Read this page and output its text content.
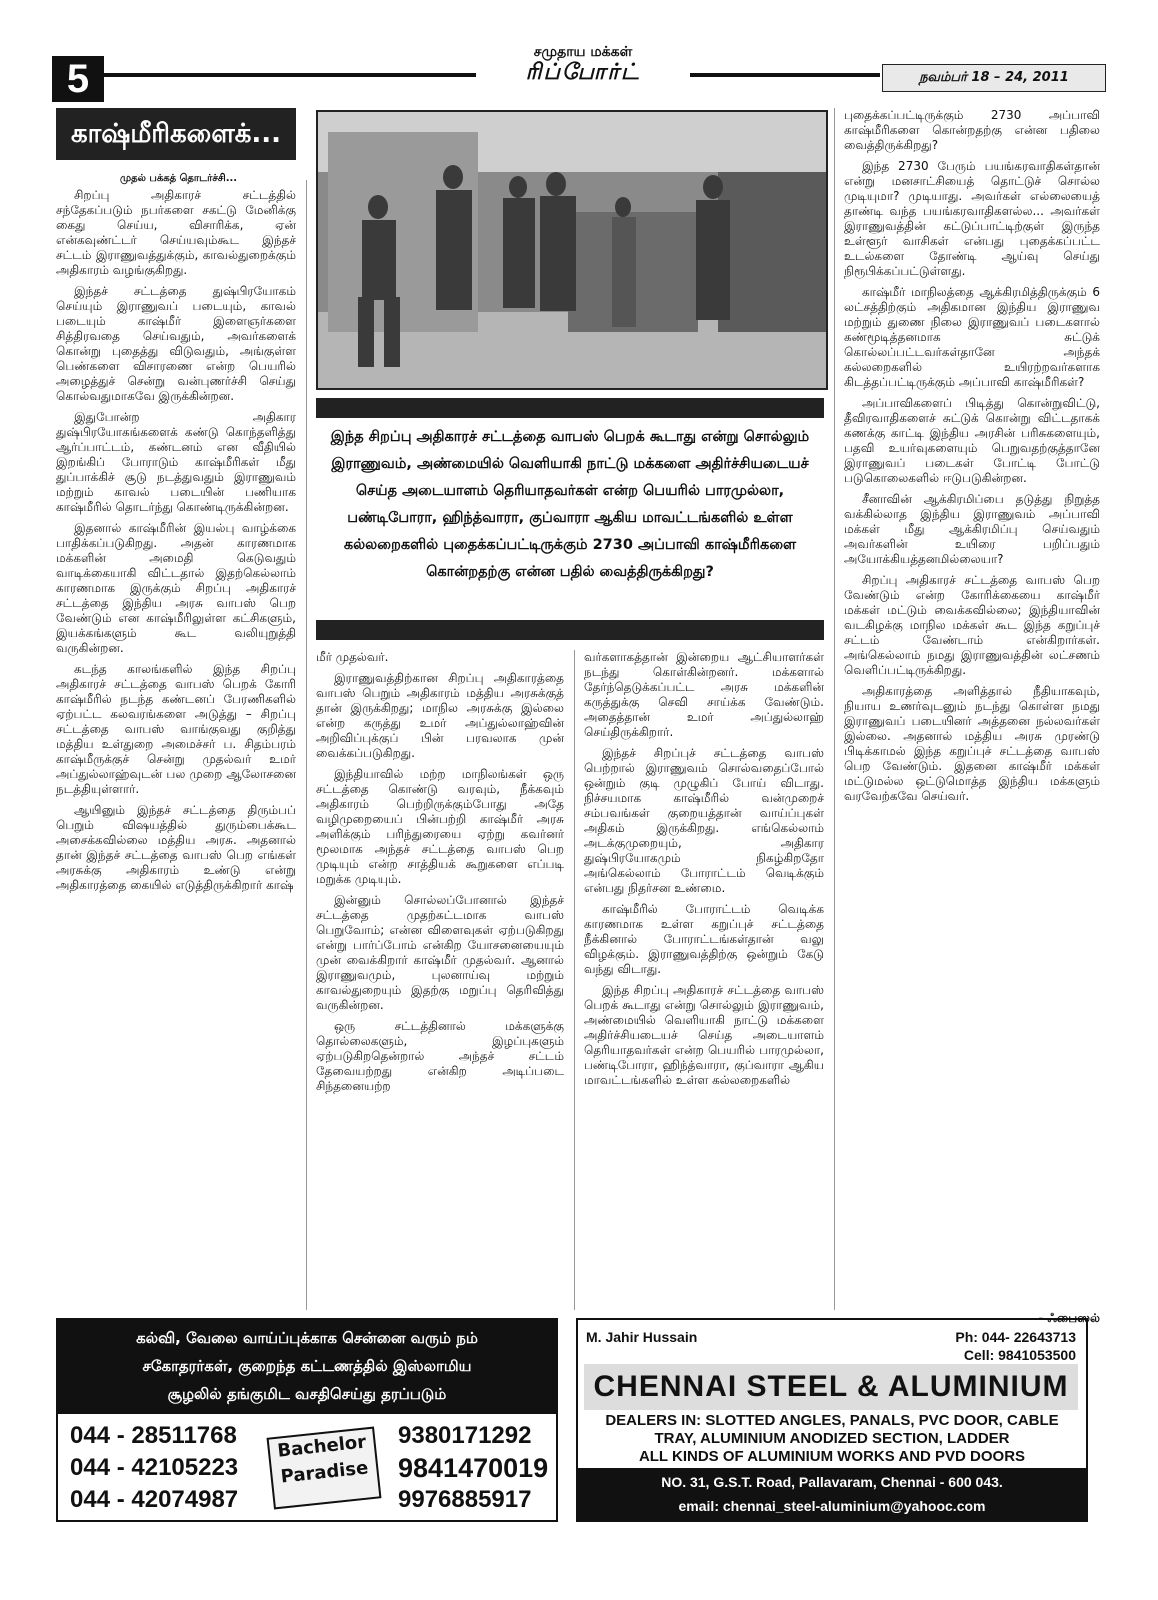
5
சமுதாய மக்கள்
ரிப்போர்ட்	நவம்பர் 18 – 24, 2011
காஷ்மீரிகளைக்...
முதல் பக்கத் தொடர்ச்சி...

சிறப்பு அதிகாரச் சட்டத்தில் சந்தேகப்படும் நபர்களை சகட்டு மேனிக்கு கைது செய்ய, விசாரிக்க, ஏன் என்கவுண்ட்டர் செய்யவும்கூட இந்தச் சட்டம் இராணுவத்துக்கும், காவல்துறைக்கும் அதிகாரம் வழங்குகிறது.

இந்தச் சட்டத்தை துஷ்பிரயோகம் செய்யும் இராணுவப் படையும், காவல் படையும் காஷ்மீர் இளைஞர்களை சித்திரவதை செய்வதும், அவர்களைக் கொன்று புதைத்து விடுவதும், அங்குள்ள பெண்களை விசாரணை என்ற பெயரில் அழைத்துச் சென்று வன்புணர்ச்சி செய்து கொல்வதுமாகவே இருக்கின்றன.

இதுபோன்ற அதிகார துஷ்பிரயோகங்களைக் கண்டு கொந்தளித்து ஆர்ப்பாட்டம், கண்டனம் என வீதியில் இறங்கிப் போராடும் காஷ்மீரிகள் மீது துப்பாக்கிச் சூடு நடத்துவதும் இராணுவம் மற்றும் காவல் படையின் பணியாக காஷ்மீரில் தொடர்ந்து கொண்டிருக்கின்றன.

இதனால் காஷ்மீரின் இயல்பு வாழ்க்கை பாதிக்கப்படுகிறது. அதன் காரணமாக மக்களின் அமைதி கெடுவதும் வாடிக்கையாகி விட்டதால் இதற்கெல்லாம் காரணமாக இருக்கும் சிறப்பு அதிகாரச் சட்டத்தை இந்திய அரசு வாபஸ் பெற வேண்டும் என காஷ்மீரிலுள்ள கட்சிகளும், இயக்கங்களும் கூட வலியுறுத்தி வருகின்றன.

கடந்த காலங்களில் இந்த சிறப்பு அதிகாரச் சட்டத்தை வாபஸ் பெறக் கோரி காஷ்மீரில் நடந்த கண்டனப் பேரணிகளில் ஏற்பட்ட கலவரங்களை அடுத்து – சிறப்பு சட்டத்தை வாபஸ் வாங்குவது குறித்து மத்திய உள்துறை அமைச்சர் ப. சிதம்பரம் காஷ்மீருக்குச் சென்று முதல்வர் உமர் அப்துல்லாஹ்வுடன் பல முறை ஆலோசனை நடத்தியுள்ளார்.

ஆயினும் இந்தச் சட்டத்தை திரும்பப் பெறும் விஷயத்தில் துரும்பைக்கூட அசைக்கவில்லை மத்திய அரசு. அதனால் தான் இந்தச் சட்டத்தை வாபஸ் பெற எங்கள் அரசுக்கு அதிகாரம் உண்டு என்று அதிகாரத்தை கையில் எடுத்திருக்கிறார் காஷ்

இந்த சிறப்பு அதிகாரச் சட்டத்தை வாபஸ் பெறக் கூடாது என்று சொல்லும் இராணுவம், அண்மையில் வெளியாகி நாட்டு மக்களை அதிர்ச்சியடையச் செய்த அடையாளம் தெரியாதவர்கள் என்ற பெயரில் பாரமுல்லா, பண்டிபோரா, ஹிந்த்வாரா, குப்வாரா ஆகிய மாவட்டங்களில் உள்ள கல்லறைகளில் புதைக்கப்பட்டிருக்கும் 2730 அப்பாவி காஷ்மீரிகளை கொன்றதற்கு என்ன பதில் வைத்திருக்கிறது?

மீர் முதல்வர்.

இராணுவத்திற்கான சிறப்பு அதிகாரத்தை வாபஸ் பெறும் அதிகாரம் மத்திய அரசுக்குத் தான் இருக்கிறது; மாநில அரசுக்கு இல்லை என்ற கருத்து உமர் அப்துல்லாஹ்வின் அறிவிப்புக்குப் பின் பரவலாக முன் வைக்கப்படுகிறது.

இந்தியாவில் மற்ற மாநிலங்கள் ஒரு சட்டத்தை கொண்டு வரவும், நீக்கவும் அதிகாரம் பெற்றிருக்கும்போது அதே வழிமுறையைப் பின்பற்றி காஷ்மீர் அரசு அளிக்கும் பரிந்துரையை ஏற்று கவர்னர் மூலமாக அந்தச் சட்டத்தை வாபஸ் பெற முடியும் என்ற சாத்தியக் கூறுகளை எப்படி மறுக்க முடியும்.

இன்னும் சொல்லப்போனால் இந்தச் சட்டத்தை முதற்கட்டமாக வாபஸ் பெறுவோம்; என்ன விளைவுகள் ஏற்படுகிறது என்று பார்ப்போம் என்கிற யோசனையையும் முன் வைக்கிறார் காஷ்மீர் முதல்வர். ஆனால் இராணுவமும், புலனாய்வு மற்றும் காவல்துறையும் இதற்கு மறுப்பு தெரிவித்து வருகின்றன.

ஒரு சட்டத்தினால் மக்களுக்கு தொல்லைகளும், இழப்புகளும் ஏற்படுகிறதென்றால் அந்தச் சட்டம் தேவையற்றது என்கிற அடிப்படை சிந்தனையற்ற

வர்களாகத்தான் இன்றைய ஆட்சியாளர்கள் நடந்து கொள்கின்றனர். மக்களால் தேர்ந்தெடுக்கப்பட்ட அரசு மக்களின் கருத்துக்கு செவி சாய்க்க வேண்டும். அதைத்தான் உமர் அப்துல்லாஹ் செய்திருக்கிறார்.

இந்தச் சிறப்புச் சட்டத்தை வாபஸ் பெற்றால் இராணுவம் சொல்வதைப்போல் ஒன்றும் குடி முழுகிப் போய் விடாது. நிச்சயமாக காஷ்மீரில் வன்முறைச் சம்பவங்கள் குறையத்தான் வாய்ப்புகள் அதிகம் இருக்கிறது. எங்கெல்லாம் அடக்குமுறையும், அதிகார துஷ்பிரயோகமும் நிகழ்கிறதோ அங்கெல்லாம் போராட்டம் வெடிக்கும் என்பது நிதர்சன உண்மை.

காஷ்மீரில் போராட்டம் வெடிக்க காரணமாக உள்ள கறுப்புச் சட்டத்தை நீக்கினால் போராட்டங்கள்தான் வலு விழக்கும். இராணுவத்திற்கு ஒன்றும் கேடு வந்து விடாது.

இந்த சிறப்பு அதிகாரச் சட்டத்தை வாபஸ் பெறக் கூடாது என்று சொல்லும் இராணுவம், அண்மையில் வெளியாகி நாட்டு மக்களை அதிர்ச்சியடையச் செய்த அடையாளம் தெரியாதவர்கள் என்ற பெயரில் பாரமுல்லா, பண்டிபோரா, ஹிந்த்வாரா, குப்வாரா ஆகிய மாவட்டங்களில் உள்ள கல்லறைகளில்

புதைக்கப்பட்டிருக்கும் 2730 அப்பாவி காஷ்மீரிகளை கொன்றதற்கு என்ன பதிலை வைத்திருக்கிறது?

இந்த 2730 பேரும் பயங்கரவாதிகள்தான் என்று மனசாட்சியைத் தொட்டுச் சொல்ல முடியுமா? முடியாது. அவர்கள் எல்லையைத் தாண்டி வந்த பயங்கரவாதிகளல்ல... அவர்கள் இராணுவத்தின் கட்டுப்பாட்டிற்குள் இருந்த உள்ளூர் வாசிகள் என்பது புதைக்கப்பட்ட உடல்களை தோண்டி ஆய்வு செய்து நிரூபிக்கப்பட்டுள்ளது.

காஷ்மீர் மாநிலத்தை ஆக்கிரமித்திருக்கும் 6 லட்சத்திற்கும் அதிகமான இந்திய இராணுவ மற்றும் துணை நிலை இராணுவப் படைகளால் கண்மூடித்தனமாக சுட்டுக் கொல்லப்பட்டவர்கள்தானே அந்தக் கல்லறைகளில் உயிரற்றவர்களாக கிடத்தப்பட்டிருக்கும் அப்பாவி காஷ்மீரிகள்?

அப்பாவிகளைப் பிடித்து கொன்றுவிட்டு, தீவிரவாதிகளைச் சுட்டுக் கொன்று விட்டதாகக் கணக்கு காட்டி இந்திய அரசின் பரிசுகளையும், பதவி உயர்வுகளையும் பெறுவதற்குத்தானே இராணுவப் படைகள் போட்டி போட்டு படுகொலைகளில் ஈடுபடுகின்றன.

சீனாவின் ஆக்கிரமிப்பை தடுத்து நிறுத்த வக்கில்லாத இந்திய இராணுவம் அப்பாவி மக்கள் மீது ஆக்கிரமிப்பு செய்வதும் அவர்களின் உயிரை பறிப்பதும் அயோக்கியத்தனமில்லையா?

சிறப்பு அதிகாரச் சட்டத்தை வாபஸ் பெற வேண்டும் என்ற கோரிக்கையை காஷ்மீர் மக்கள் மட்டும் வைக்கவில்லை; இந்தியாவின் வடகிழக்கு மாநில மக்கள் கூட இந்த கறுப்புச் சட்டம் வேண்டாம் என்கிறார்கள். அங்கெல்லாம் நமது இராணுவத்தின் லட்சணம் வெளிப்பட்டிருக்கிறது.

அதிகாரத்தை அளித்தால் நீதியாகவும், நியாய உணர்வுடனும் நடந்து கொள்ள நமது இராணுவப் படையினர் அத்தனை நல்லவர்கள் இல்லை. அதனால் மத்திய அரசு முரண்டு பிடிக்காமல் இந்த கறுப்புச் சட்டத்தை வாபஸ் பெற வேண்டும். இதனை காஷ்மீர் மக்கள் மட்டுமல்ல ஒட்டுமொத்த இந்திய மக்களும் வரவேற்கவே செய்வர்.

- ஃபைஸல்
கல்வி, வேலை வாய்ப்புக்காக சென்னை வரும் நம்
சகோதரர்கள், குறைந்த கட்டணத்தில் இஸ்லாமிய
சூழலில் தங்குமிட வசதிசெய்து தரப்படும்
044 - 28511768
044 - 42105223
044 - 42074987
Bachelor
Paradise
9380171292
9841470019
9976885917
M. Jahir Hussain	Ph: 044- 22643713
Cell: 9841053500
CHENNAI STEEL & ALUMINIUM
DEALERS IN: SLOTTED ANGLES, PANALS, PVC DOOR, CABLE
TRAY, ALUMINIUM ANODIZED SECTION, LADDER
ALL KINDS OF ALUMINIUM WORKS AND PVD DOORS
NO. 31, G.S.T. Road, Pallavaram, Chennai - 600 043.
email: chennai_steel-aluminium@yahooc.com
